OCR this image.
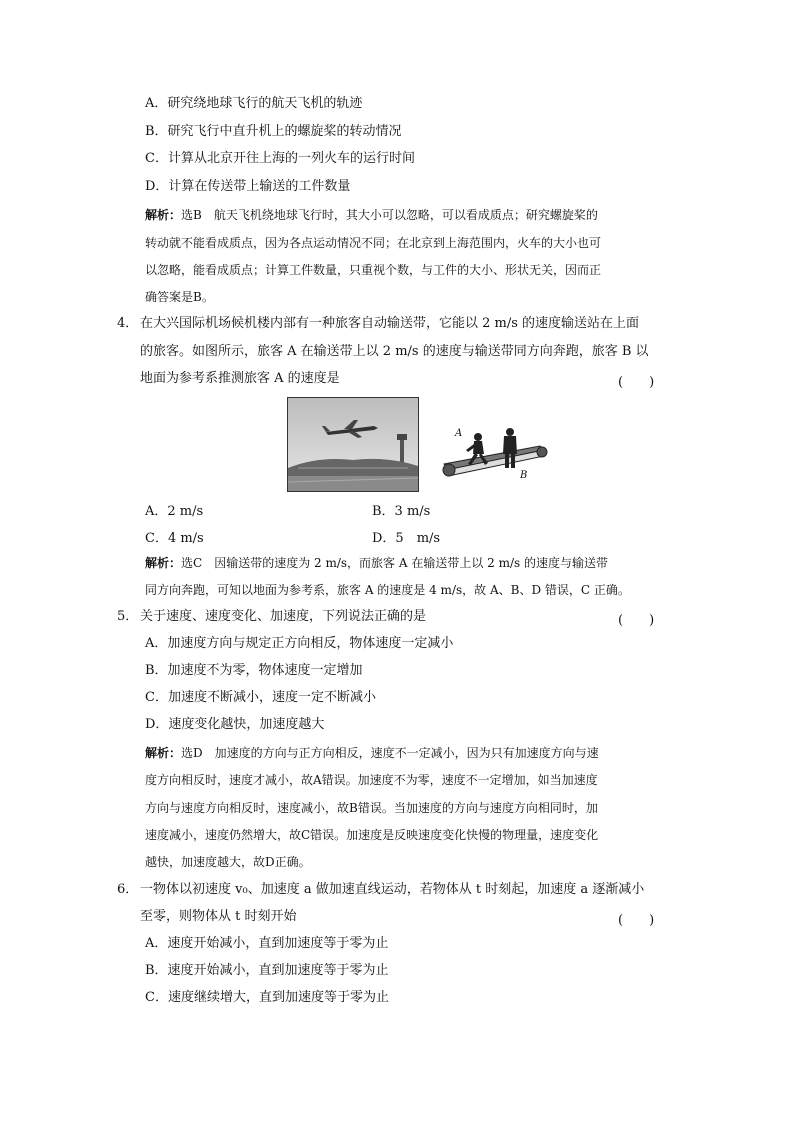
A．研究绕地球飞行的航天飞机的轨迹
B．研究飞行中直升机上的螺旋桨的转动情况
C．计算从北京开往上海的一列火车的运行时间
D．计算在传送带上输送的工件数量
解析：选B　航天飞机绕地球飞行时，其大小可以忽略，可以看成质点；研究螺旋桨的
转动就不能看成质点，因为各点运动情况不同；在北京到上海范围内，火车的大小也可
以忽略，能看成质点；计算工件数量，只重视个数，与工件的大小、形状无关，因而正
确答案是B。
4． 在大兴国际机场候机楼内部有一种旅客自动输送带，它能以 2 m/s 的速度输送站在上面
的旅客。如图所示，旅客 A 在输送带上以 2 m/s 的速度与输送带同方向奔跑，旅客 B 以
地面为参考系推测旅客 A 的速度是	(　　)
A
B
A．2 m/s	B．3 m/s
C．4 m/s	D．5　m/s
解析：选C　因输送带的速度为 2 m/s，而旅客 A 在输送带上以 2 m/s 的速度与输送带
同方向奔跑，可知以地面为参考系，旅客 A 的速度是 4 m/s，故 A、B、D 错误，C 正确。
5． 关于速度、速度变化、加速度，下列说法正确的是	(　　)
A．加速度方向与规定正方向相反，物体速度一定减小
B．加速度不为零，物体速度一定增加
C．加速度不断减小，速度一定不断减小
D．速度变化越快，加速度越大
解析：选D　加速度的方向与正方向相反，速度不一定减小，因为只有加速度方向与速
度方向相反时，速度才减小，故A错误。加速度不为零，速度不一定增加，如当加速度
方向与速度方向相反时，速度减小，故B错误。当加速度的方向与速度方向相同时，加
速度减小，速度仍然增大，故C错误。加速度是反映速度变化快慢的物理量，速度变化
越快，加速度越大，故D正确。
6． 一物体以初速度 v₀、加速度 a 做加速直线运动，若物体从 t 时刻起，加速度 a 逐渐减小
至零，则物体从 t 时刻开始	(　　)
A．速度开始减小，直到加速度等于零为止
B．速度开始减小，直到加速度等于零为止
C．速度继续增大，直到加速度等于零为止
